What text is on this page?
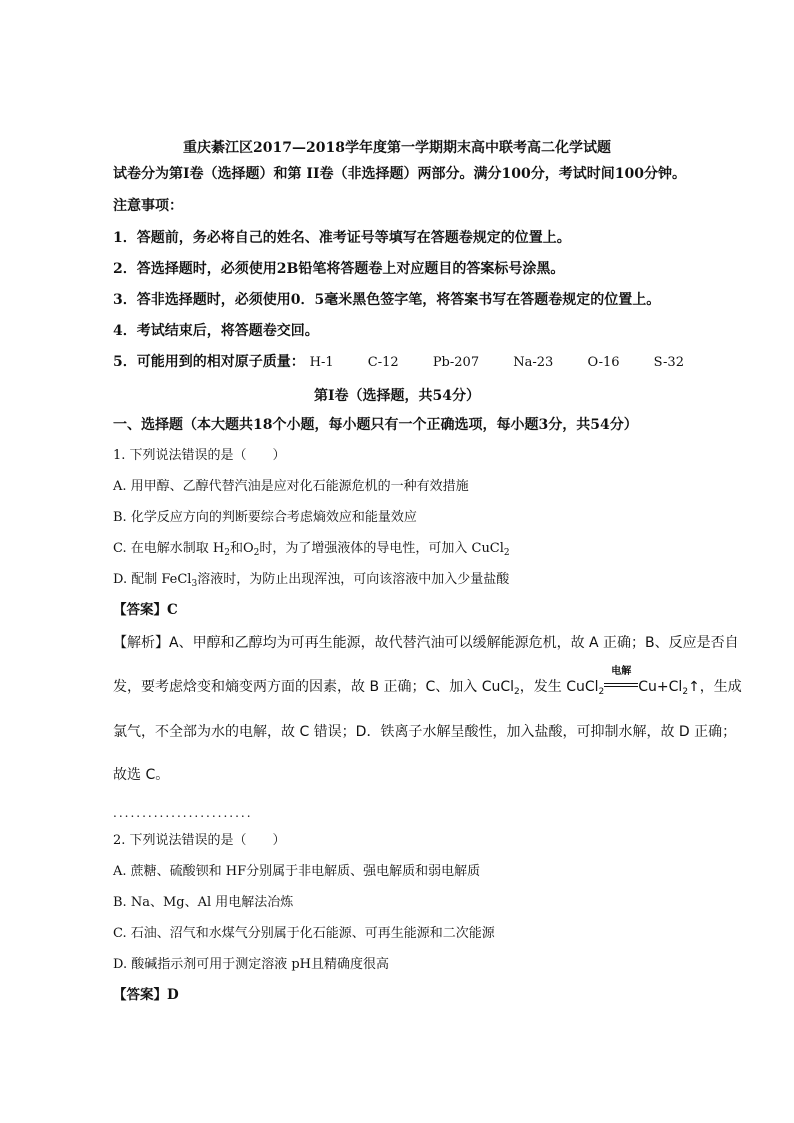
重庆綦江区2017—2018学年度第一学期期末高中联考高二化学试题
试卷分为第Ⅰ卷（选择题）和第 II卷（非选择题）两部分。满分100分，考试时间100分钟。
注意事项：
1．答题前，务必将自己的姓名、准考证号等填写在答题卷规定的位置上。
2．答选择题时，必须使用2B铅笔将答题卷上对应题目的答案标号涂黑。
3．答非选择题时，必须使用0．5毫米黑色签字笔，将答案书写在答题卷规定的位置上。
4．考试结束后，将答题卷交回。
5．可能用到的相对原子质量： H-1	C-12	Pb-207	Na-23	O-16	S-32
第Ⅰ卷（选择题，共54分）
一、选择题（本大题共18个小题，每小题只有一个正确选项，每小题3分，共54分）
1. 下列说法错误的是（　　）
A. 用甲醇、乙醇代替汽油是应对化石能源危机的一种有效措施
B. 化学反应方向的判断要综合考虑熵效应和能量效应
C. 在电解水制取 $H_2$和$O_2$时，为了增强液体的导电性，可加入 CuCl$_2$
D. 配制 FeCl$_3$溶液时，为防止出现浑浊，可向该溶液中加入少量盐酸
【答案】C
【解析】A、甲醇和乙醇均为可再生能源，故代替汽油可以缓解能源危机，故 A 正确；B、反应是否自
发，要考虑焓变和熵变两方面的因素，故 B 正确；C、加入 CuCl$_2$，发生 CuCl$_2$
电解
$Cu+Cl_2↑$，生成
氯气，不全部为水的电解，故 C 错误；D．铁离子水解呈酸性，加入盐酸，可抑制水解，故 D 正确；
故选 C。
........................
2. 下列说法错误的是（　　）
A. 蔗糖、硫酸钡和 HF分别属于非电解质、强电解质和弱电解质
B. Na、Mg、Al 用电解法冶炼
C. 石油、沼气和水煤气分别属于化石能源、可再生能源和二次能源
D. 酸碱指示剂可用于测定溶液 pH且精确度很高
【答案】D
